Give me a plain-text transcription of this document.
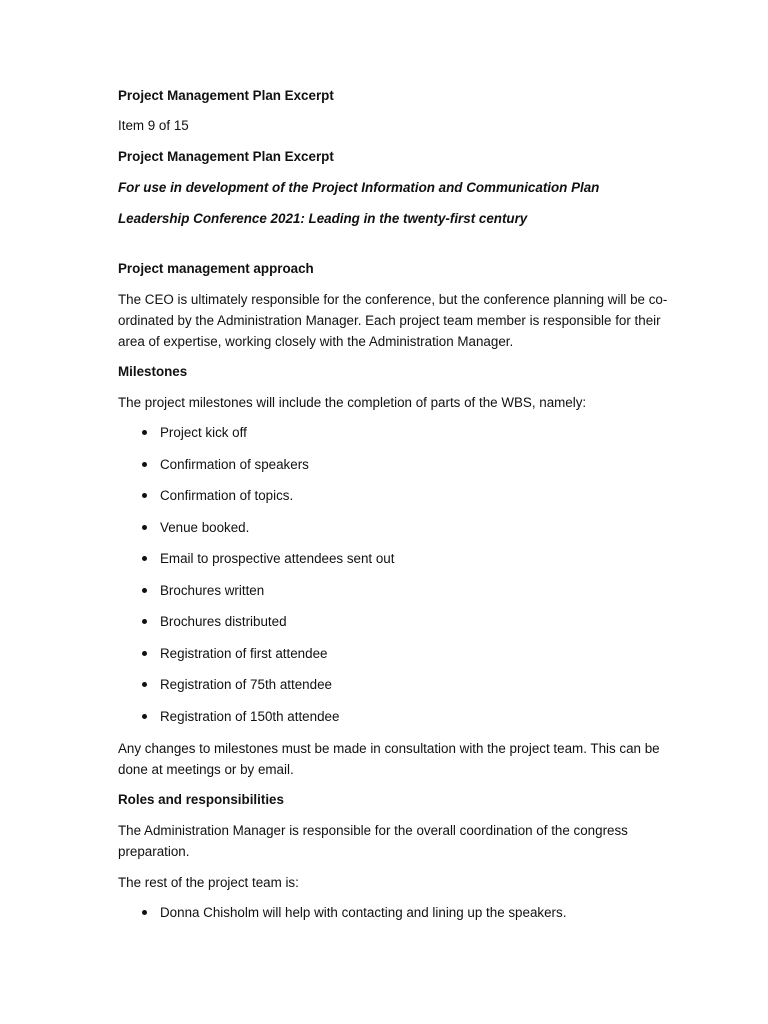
Project Management Plan Excerpt

Item 9 of 15

Project Management Plan Excerpt

For use in development of the Project Information and Communication Plan

Leadership Conference 2021: Leading in the twenty-first century

Project management approach

The CEO is ultimately responsible for the conference, but the conference planning will be co-ordinated by the Administration Manager. Each project team member is responsible for their area of expertise, working closely with the Administration Manager.

Milestones

The project milestones will include the completion of parts of the WBS, namely:

Project kick off
Confirmation of speakers
Confirmation of topics.
Venue booked.
Email to prospective attendees sent out
Brochures written
Brochures distributed
Registration of first attendee
Registration of 75th attendee
Registration of 150th attendee

Any changes to milestones must be made in consultation with the project team. This can be done at meetings or by email.

Roles and responsibilities

The Administration Manager is responsible for the overall coordination of the congress preparation.

The rest of the project team is:

Donna Chisholm will help with contacting and lining up the speakers.
